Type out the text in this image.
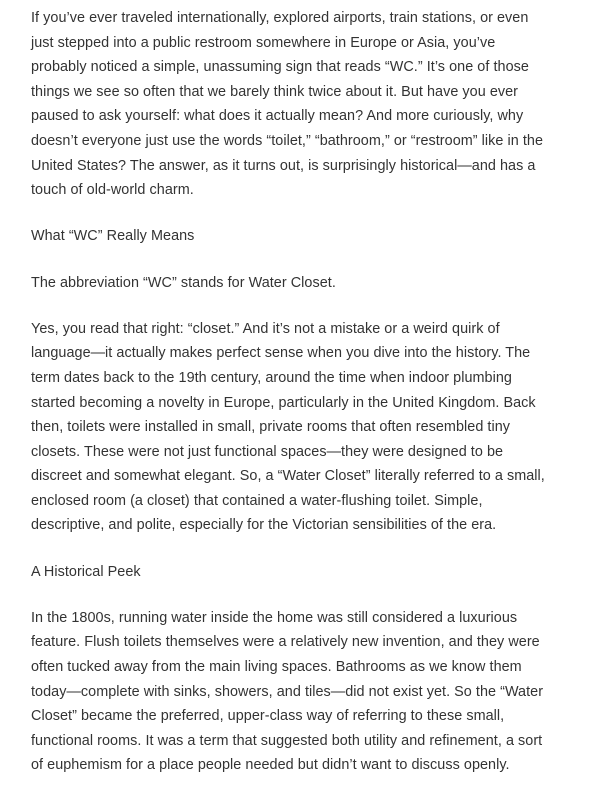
If you’ve ever traveled internationally, explored airports, train stations, or even
just stepped into a public restroom somewhere in Europe or Asia, you’ve
probably noticed a simple, unassuming sign that reads “WC.” It’s one of those
things we see so often that we barely think twice about it. But have you ever
paused to ask yourself: what does it actually mean? And more curiously, why
doesn’t everyone just use the words “toilet,” “bathroom,” or “restroom” like in the
United States? The answer, as it turns out, is surprisingly historical—and has a
touch of old-world charm.

What “WC” Really Means

The abbreviation “WC” stands for Water Closet.

Yes, you read that right: “closet.” And it’s not a mistake or a weird quirk of
language—it actually makes perfect sense when you dive into the history. The
term dates back to the 19th century, around the time when indoor plumbing
started becoming a novelty in Europe, particularly in the United Kingdom. Back
then, toilets were installed in small, private rooms that often resembled tiny
closets. These were not just functional spaces—they were designed to be
discreet and somewhat elegant. So, a “Water Closet” literally referred to a small,
enclosed room (a closet) that contained a water-flushing toilet. Simple,
descriptive, and polite, especially for the Victorian sensibilities of the era.

A Historical Peek

In the 1800s, running water inside the home was still considered a luxurious
feature. Flush toilets themselves were a relatively new invention, and they were
often tucked away from the main living spaces. Bathrooms as we know them
today—complete with sinks, showers, and tiles—did not exist yet. So the “Water
Closet” became the preferred, upper-class way of referring to these small,
functional rooms. It was a term that suggested both utility and refinement, a sort
of euphemism for a place people needed but didn’t want to discuss openly.
